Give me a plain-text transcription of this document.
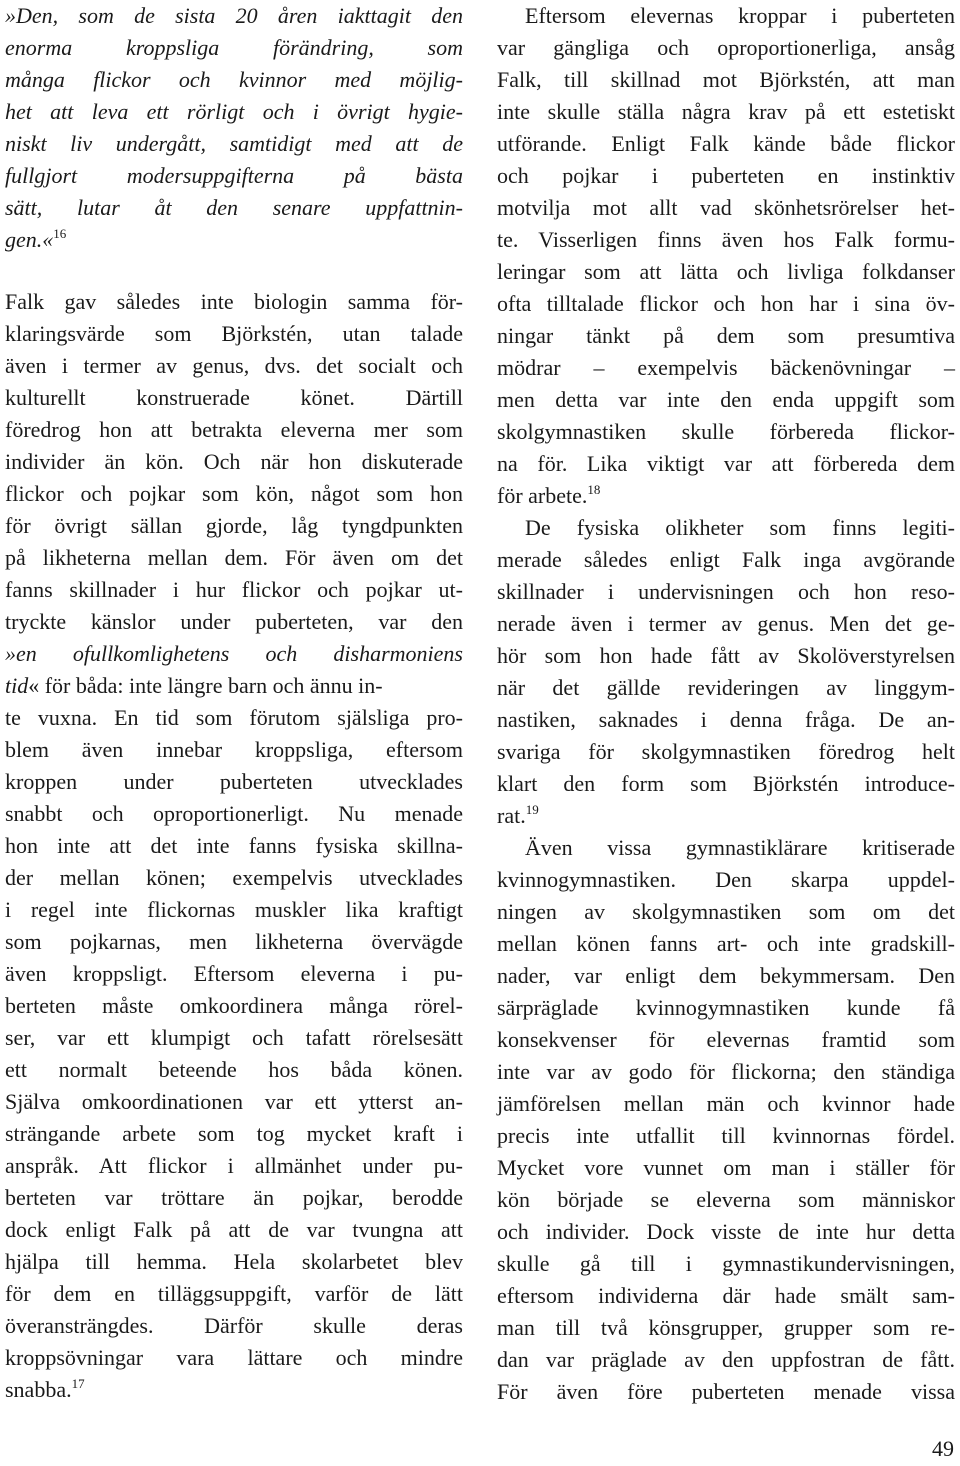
»Den, som de sista 20 åren iakttagit den
enorma kroppsliga förändring, som
många flickor och kvinnor med möjlig-
het att leva ett rörligt och i övrigt hygie-
niskt liv undergått, samtidigt med att de
fullgjort modersuppgifterna på bästa
sätt, lutar åt den senare uppfattnin-
gen.«$^{16}$
Falk gav således inte biologin samma för-
klaringsvärde som Björkstén, utan talade
även i termer av genus, dvs. det socialt och
kulturellt konstruerade könet. Därtill
föredrog hon att betrakta eleverna mer som
individer än kön. Och när hon diskuterade
flickor och pojkar som kön, något som hon
för övrigt sällan gjorde, låg tyngdpunkten
på likheterna mellan dem. För även om det
fanns skillnader i hur flickor och pojkar ut-
tryckte känslor under puberteten, var den
»en ofullkomlighetens och disharmoniens
tid « för båda: inte längre barn och ännu in-
te vuxna. En tid som förutom själsliga pro-
blem även innebar kroppsliga, eftersom
kroppen under puberteten utvecklades
snabbt och oproportionerligt. Nu menade
hon inte att det inte fanns fysiska skillna-
der mellan könen; exempelvis utvecklades
i regel inte flickornas muskler lika kraftigt
som pojkarnas, men likheterna övervägde
även kroppsligt. Eftersom eleverna i pu-
berteten måste omkoordinera många rörel-
ser, var ett klumpigt och tafatt rörelsesätt
ett normalt beteende hos båda könen.
Själva omkoordinationen var ett ytterst an-
strängande arbete som tog mycket kraft i
anspråk. Att flickor i allmänhet under pu-
berteten var tröttare än pojkar, berodde
dock enligt Falk på att de var tvungna att
hjälpa till hemma. Hela skolarbetet blev
för dem en tilläggsuppgift, varför de lätt
överansträngdes. Därför skulle deras
kroppsövningar vara lättare och mindre
snabba.$^{17}$
Eftersom elevernas kroppar i puberteten
var gängliga och oproportionerliga, ansåg
Falk, till skillnad mot Björkstén, att man
inte skulle ställa några krav på ett estetiskt
utförande. Enligt Falk kände både flickor
och pojkar i puberteten en instinktiv
motvilja mot allt vad skönhetsrörelser het-
te. Visserligen finns även hos Falk formu-
leringar som att lätta och livliga folkdanser
ofta tilltalade flickor och hon har i sina öv-
ningar tänkt på dem som presumtiva
mödrar – exempelvis bäckenövningar –
men detta var inte den enda uppgift som
skolgymnastiken skulle förbereda flickor-
na för. Lika viktigt var att förbereda dem
för arbete.$^{18}$
De fysiska olikheter som finns legiti-
merade således enligt Falk inga avgörande
skillnader i undervisningen och hon reso-
nerade även i termer av genus. Men det ge-
hör som hon hade fått av Skolöverstyrelsen
när det gällde revideringen av linggym-
nastiken, saknades i denna fråga. De an-
svariga för skolgymnastiken föredrog helt
klart den form som Björkstén introduce-
rat.$^{19}$
Även vissa gymnastiklärare kritiserade
kvinnogymnastiken. Den skarpa uppdel-
ningen av skolgymnastiken som om det
mellan könen fanns art- och inte gradskill-
nader, var enligt dem bekymmersam. Den
särpräglade kvinnogymnastiken kunde få
konsekvenser för elevernas framtid som
inte var av godo för flickorna; den ständiga
jämförelsen mellan män och kvinnor hade
precis inte utfallit till kvinnornas fördel.
Mycket vore vunnet om man i ställer för
kön började se eleverna som människor
och individer. Dock visste de inte hur detta
skulle gå till i gymnastikundervisningen,
eftersom individerna där hade smält sam-
man till två könsgrupper, grupper som re-
dan var präglade av den uppfostran de fått.
För även före puberteten menade vissa
49
